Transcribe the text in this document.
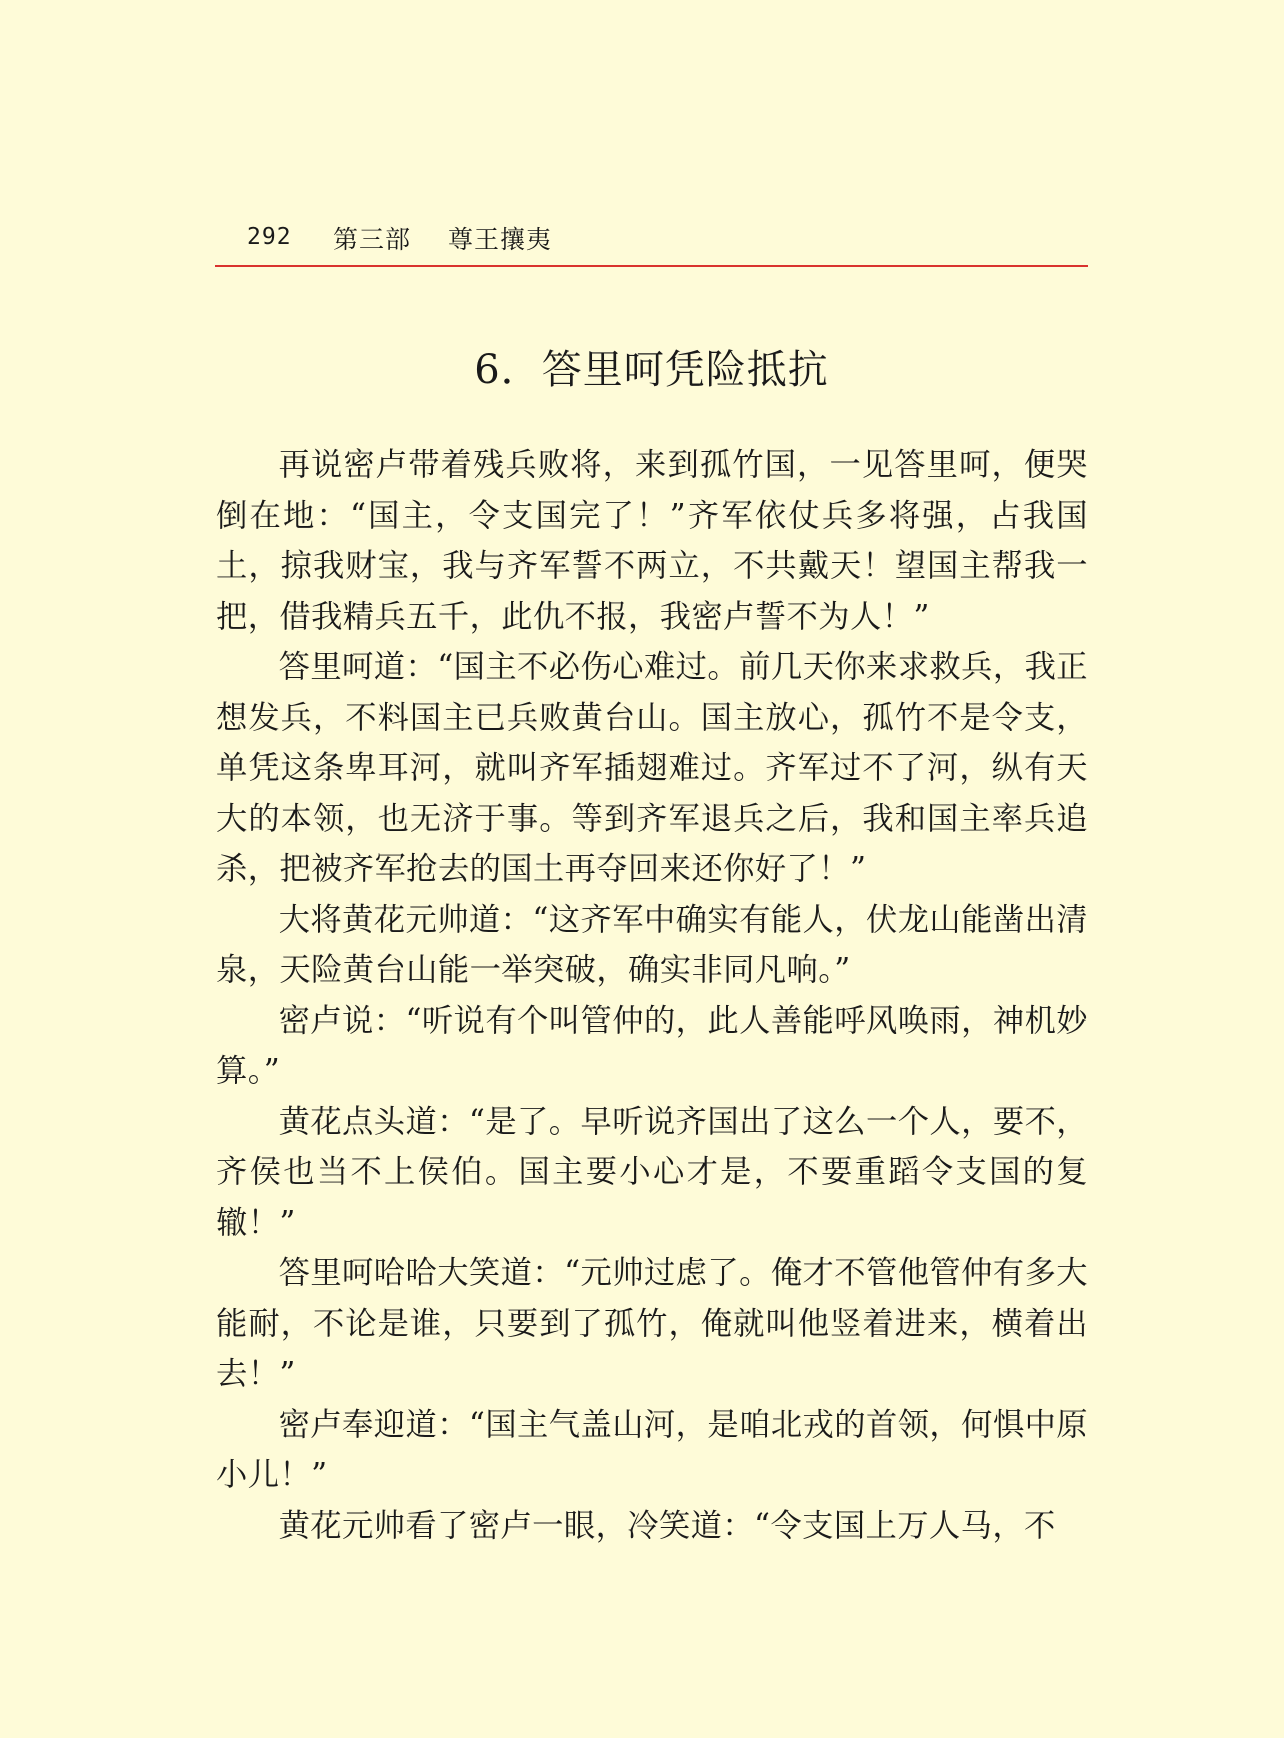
292 第三部 尊王攘夷
6．答里呵凭险抵抗

再说密卢带着残兵败将，来到孤竹国，一见答里呵，便哭倒在地：“国主，令支国完了！”齐军依仗兵多将强，占我国土，掠我财宝，我与齐军誓不两立，不共戴天！望国主帮我一把，借我精兵五千，此仇不报，我密卢誓不为人！”

答里呵道：“国主不必伤心难过。前几天你来求救兵，我正想发兵，不料国主已兵败黄台山。国主放心，孤竹不是令支，单凭这条卑耳河，就叫齐军插翅难过。齐军过不了河，纵有天大的本领，也无济于事。等到齐军退兵之后，我和国主率兵追杀，把被齐军抢去的国土再夺回来还你好了！”

大将黄花元帅道：“这齐军中确实有能人，伏龙山能凿出清泉，天险黄台山能一举突破，确实非同凡响。”

密卢说：“听说有个叫管仲的，此人善能呼风唤雨，神机妙算。”

黄花点头道：“是了。早听说齐国出了这么一个人，要不，齐侯也当不上侯伯。国主要小心才是，不要重蹈令支国的复辙！”

答里呵哈哈大笑道：“元帅过虑了。俺才不管他管仲有多大能耐，不论是谁，只要到了孤竹，俺就叫他竖着进来，横着出去！”

密卢奉迎道：“国主气盖山河，是咱北戎的首领，何惧中原小儿！”

黄花元帅看了密卢一眼，冷笑道：“令支国上万人马，不
